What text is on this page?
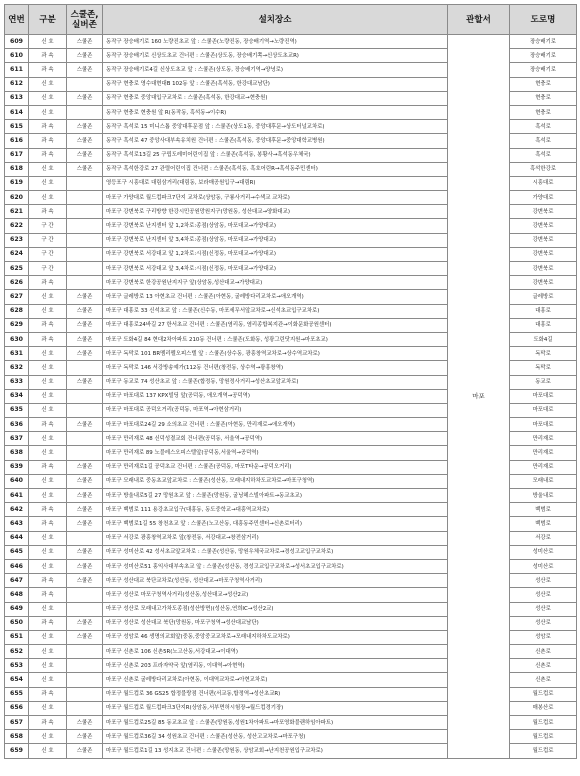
연번	구분	스쿨존,
실버존	설치장소	관할서	도로명
609	신 호	스쿨존	동작구 장승배기로 160 노량진초교 앞 : 스쿨존(노량진동, 장승배기역→노량진역)	마포	장승배기로
610	과 속	스쿨존	동작구 장승배기로 신상도초교 건너편 : 스쿨존(상도동, 장승배기쪽→신상도초교R)		장승배기로
611	과 속	스쿨존	동작구 장승배기로4길 신상도초교 앞 : 스쿨존(상도동, 장승배기역→양녕로)		장승배기로
612	신 호		동작구 현충로 영수대현대B 102동 앞 : 스쿨존(흑석동, 한강대교남단)		현충로
613	신 호	스쿨존	동작구 현충로 중앙대입구교차로 : 스쿨존(흑석동, 한강대교→현충원)		현충로
614	신 호		동작구 현충로 현충원 앞 R(동작동, 흑석동→이수R)		현충로
615	과 속	스쿨존	동작구 흑석로 15 미니스톱 중앙대후문점 앞 : 스쿨존(상도1동, 중앙대후문→상도터널교차로)		흑석로
616	과 속	스쿨존	동작구 흑석로 47 중앙사대부속유치원 건너편 : 스쿨존(흑석동, 중앙대후문→중앙대학교병원)		흑석로
617	과 속	스쿨존	동작구 흑석로13길 25 구립도레미어린이집 앞 : 스쿨존(흑석동, 봉황사→흑석동우체국)		흑석로
618	신 호	스쿨존	동작구 흑석한강로 27 관렬어린이집 건너편 : 스쿨존(흑석동, 흑호어린R→흑석동주민센터)		흑석한강로
619	신 호		영등포구 시흥대로 대림삼거리(대림동, 보라매공원입구→대림R)		시흥대로
620	신 호		마포구 가양대로 월드컵파크7단지 교차로(상암동, 구룡사거리→수색교 교차로)		가양대로
621	과 속		마포구 강변북로 구리방향 한강시민공원망원지구(망원동, 성산대교→양화대교)		강변북로
622	구 간		마포구 강변북로 난지센터 앞 1,2차로:종점(상암동, 마포대교→가양대교)		강변북로
623	구 간		마포구 강변북로 난지센터 앞 3,4차로:종점(상암동, 마포대교→가양대교)		강변북로
624	구 간		마포구 강변북로 서강대교 앞 1,2차로:시점(신정동, 마포대교→가양대교)		강변북로
625	구 간		마포구 강변북로 서강대교 앞 3,4차로:시점(신정동, 마포대교→가양대교)		강변북로
626	과 속		마포구 강변북로 한강공원난지지구 앞(상암동,성산대교→가양대교)		강변북로
627	신 호	스쿨존	마포구 글레방로 13 아현초교 건너편 : 스쿨존(아현동, 굴레방다리교차로→애오개역)		글레방로
628	신 호	스쿨존	마포구 대흥로 33 신석초교 앞 : 스쿨존(신수동, 마포세무서앞교차로→신석초교입구교차로)		대흥로
629	과 속	스쿨존	마포구 대흥로24바길 27 한서초교 건너편 : 스쿨존(염리동, 염리종합복지관→이화문화공원센터)		대흥로
630	과 속	스쿨존	마포구 도화4길 84 현대2차아파트 210동 건너편 : 스쿨존(도화동, 성광그린닷지원→마포초교)		도화4길
631	신 호	스쿨존	마포구 독막로 101 BR멤리펠오피스텔 앞 : 스쿨존(상수동, 광흥창역교차로→상수역교차로)		독막로
632	신 호		마포구 독막로 146 서강방송예가(112동 건너편(창전동, 상수역→광흥창역)		독막로
633	신 호	스쿨존	마포구 동교로 74 성산초교 앞 : 스쿨존(합정동, 망원정사거리→성산초교앞교차로)		동교로
634	신 호		마포구 마포대로 137 KPX빌딩 앞(공덕동, 애오개역→공덕역)		마포대로
635	신 호		마포구 마포대로 공덕오거리(공덕동, 마포역→아현삼거리)		마포대로
636	과 속	스쿨존	마포구 마포대로24길 29 소의초교 건너편 : 스쿨존(아현동, 만리재로→애오개역)		마포대로
637	신 호		마포구 만리재로 48 신덕성결교회 건너편(공덕동, 서울역→공덕역)		만리재로
638	신 호		마포구 만리재로 89 노블레스오피스텔앞(공덕동,서울역→공덕역)		만리재로
639	과 속	스쿨존	마포구 만리재로1길 공덕초교 건너편 : 스쿨존(공덕동, 마포T타운→공덕오거리)		만리재로
640	신 호	스쿨존	마포구 모래내로 중동초교앞교차로 : 스쿨존(성산동, 모래내지하차도교차로→마포구청역)		모래내로
641	신 호	스쿨존	마포구 방울내로5길 27 망원초교 앞 : 스쿨존(망원동, 굴닝헤스빌아파트→동교초교)		방울내로
642	과 속	스쿨존	마포구 백범로 111 용강초교입구(대흥동, 동도중학교→대흥역교차로)		백범로
643	과 속	스쿨존	마포구 백범로1길 55 창천초교 앞 : 스쿨존(노고산동, 대흥동주민센터→신촌로터리)		백범로
644	신 호		마포구 서강로 광흥창역교차로 앞(창전동, 서강대교→창전삼거리)		서강로
645	신 호	스쿨존	마포구 성미산로 42 성서초교앞교차로 : 스쿨존(성산동, 망원우체국교차로→경성고교입구교차로)		성미산로
646	신 호	스쿨존	마포구 성미산로51 홍익사대부속초교 앞 : 스쿨존(성산동, 경성고교입구교차로→성서초교입구교차로)		성미산로
647	과 속	스쿨존	마포구 성산대교 북단교차로(성산동, 성산대교→마포구청역사거리)		성산로
648	과 속		마포구 성산로 마포구청역사거리(성산동,성산대교→성산2교)		성산로
649	신 호		마포구 성산로 모래내고가차도종점(성산방면)(성산동,연희IC→성산2교)		성산로
650	과 속	스쿨존	마포구 성산로 성산대교 북단(망원동, 마포구청역→성산대교남단)		성산로
651	신 호	스쿨존	마포구 성암로 46 생명의교회앞(중동,중앙중교교차로→모래내지하차도교차로)		성암로
652	신 호		마포구 신촌로 106 신촌5R(노고산동,서강대교→이대역)		신촌로
653	신 호		마포구 신촌로 203 프라자약국 앞(염리동, 이대역→아현역)		신촌로
654	신 호		마포구 신촌로 굴레방다리교차로(아현동, 이대역교차로→아현교차로)		신촌로
655	과 속		마포구 월드컵로 36 GS25 합정블랑점 건너편(서교동,합정역→성산초교R)		월드컵로
656	신 호		마포구 월드컵로 월드컵파크3단지R(상암동,서부면허시험장→월드컵경기장)		매봉산로
657	과 속	스쿨존	마포구 월드컵로25길 85 동교초교 앞 : 스쿨존(망원동,성원1차아파트→마포영화블랜하임아파트)		월드컵로
658	신 호	스쿨존	마포구 월드컵로36길 34 성원초교 건너편 : 스쿨존(성산동, 성산고교차로→마포구청)		월드컵로
659	신 호	스쿨존	마포구 월드컵로1길 13 성지초교 건너편 : 스쿨존(망원동, 상암교회→난지천공원입구교차로)		월드컵로
